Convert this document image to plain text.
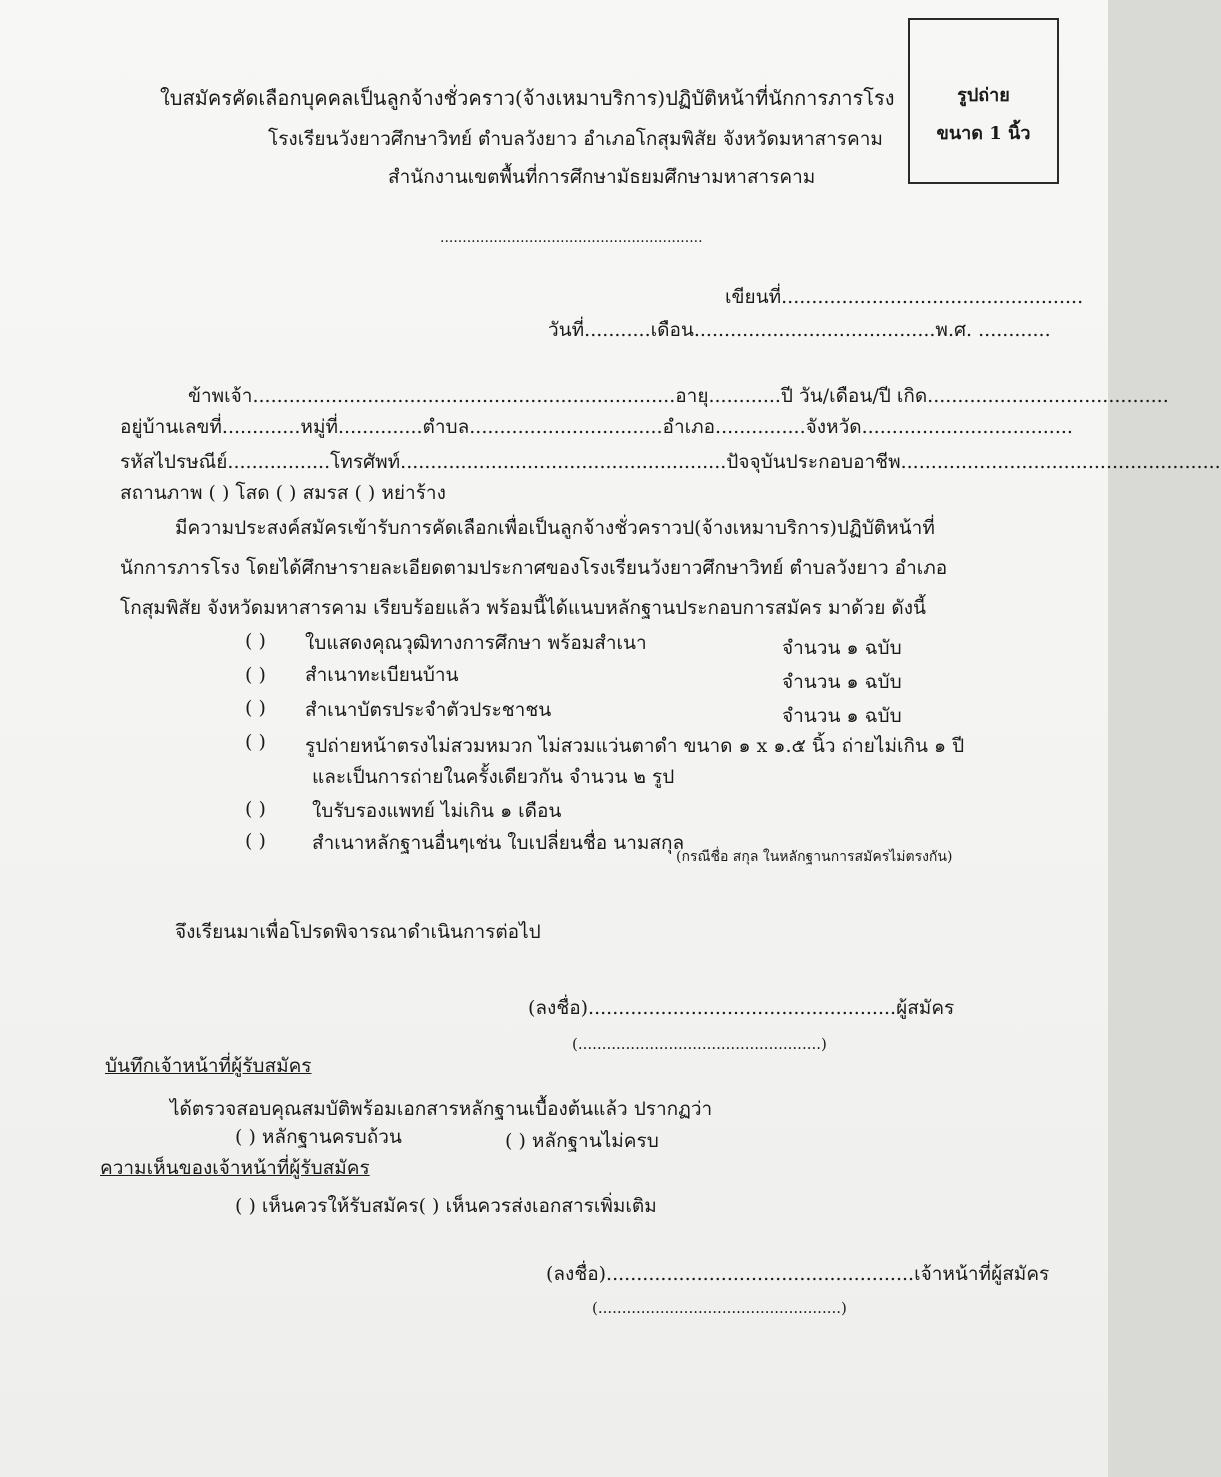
รูปถ่าย
ขนาด 1 นิ้ว
ใบสมัครคัดเลือกบุคคลเป็นลูกจ้างชั่วคราว(จ้างเหมาบริการ)ปฏิบัติหน้าที่นักการภารโรง
โรงเรียนวังยาวศึกษาวิทย์ ตำบลวังยาว อำเภอโกสุมพิสัย จังหวัดมหาสารคาม
สำนักงานเขตพื้นที่การศึกษามัธยมศึกษามหาสารคาม
...........................................................
เขียนที่..................................................
วันที่...........เดือน........................................พ.ศ. ............
ข้าพเจ้า......................................................................อายุ............ปี วัน/เดือน/ปี เกิด........................................
อยู่บ้านเลขที่.............หมู่ที่..............ตำบล................................อำเภอ...............จังหวัด...................................
รหัสไปรษณีย์.................โทรศัพท์......................................................ปัจจุบันประกอบอาชีพ.....................................................
สถานภาพ ( ) โสด ( ) สมรส ( ) หย่าร้าง
มีความประสงค์สมัครเข้ารับการคัดเลือกเพื่อเป็นลูกจ้างชั่วคราวป(จ้างเหมาบริการ)ปฏิบัติหน้าที่
นักการภารโรง โดยได้ศึกษารายละเอียดตามประกาศของโรงเรียนวังยาวศึกษาวิทย์ ตำบลวังยาว อำเภอ
โกสุมพิสัย จังหวัดมหาสารคาม เรียบร้อยแล้ว พร้อมนี้ได้แนบหลักฐานประกอบการสมัคร มาด้วย ดังนี้
( ) ใบแสดงคุณวุฒิทางการศึกษา พร้อมสำเนา	จำนวน ๑ ฉบับ
( ) สำเนาทะเบียนบ้าน	จำนวน ๑ ฉบับ
( ) สำเนาบัตรประจำตัวประชาชน	จำนวน ๑ ฉบับ
( ) รูปถ่ายหน้าตรงไม่สวมหมวก ไม่สวมแว่นตาดำ ขนาด ๑ x ๑.๕ นิ้ว ถ่ายไม่เกิน ๑ ปี
และเป็นการถ่ายในครั้งเดียวกัน จำนวน ๒ รูป
( ) ใบรับรองแพทย์ ไม่เกิน ๑ เดือน
( ) สำเนาหลักฐานอื่นๆเช่น ใบเปลี่ยนชื่อ นามสกุล
(กรณีชื่อ สกุล ในหลักฐานการสมัครไม่ตรงกัน)
จึงเรียนมาเพื่อโปรดพิจารณาดำเนินการต่อไป
(ลงชื่อ)...................................................ผู้สมัคร
(...................................................)
บันทึกเจ้าหน้าที่ผู้รับสมัคร
ได้ตรวจสอบคุณสมบัติพร้อมเอกสารหลักฐานเบื้องต้นแล้ว ปรากฏว่า
( ) หลักฐานครบถ้วน	( ) หลักฐานไม่ครบ
ความเห็นของเจ้าหน้าที่ผู้รับสมัคร
( ) เห็นควรให้รับสมัคร( ) เห็นควรส่งเอกสารเพิ่มเติม
(ลงชื่อ)...................................................เจ้าหน้าที่ผู้สมัคร
(...................................................)
